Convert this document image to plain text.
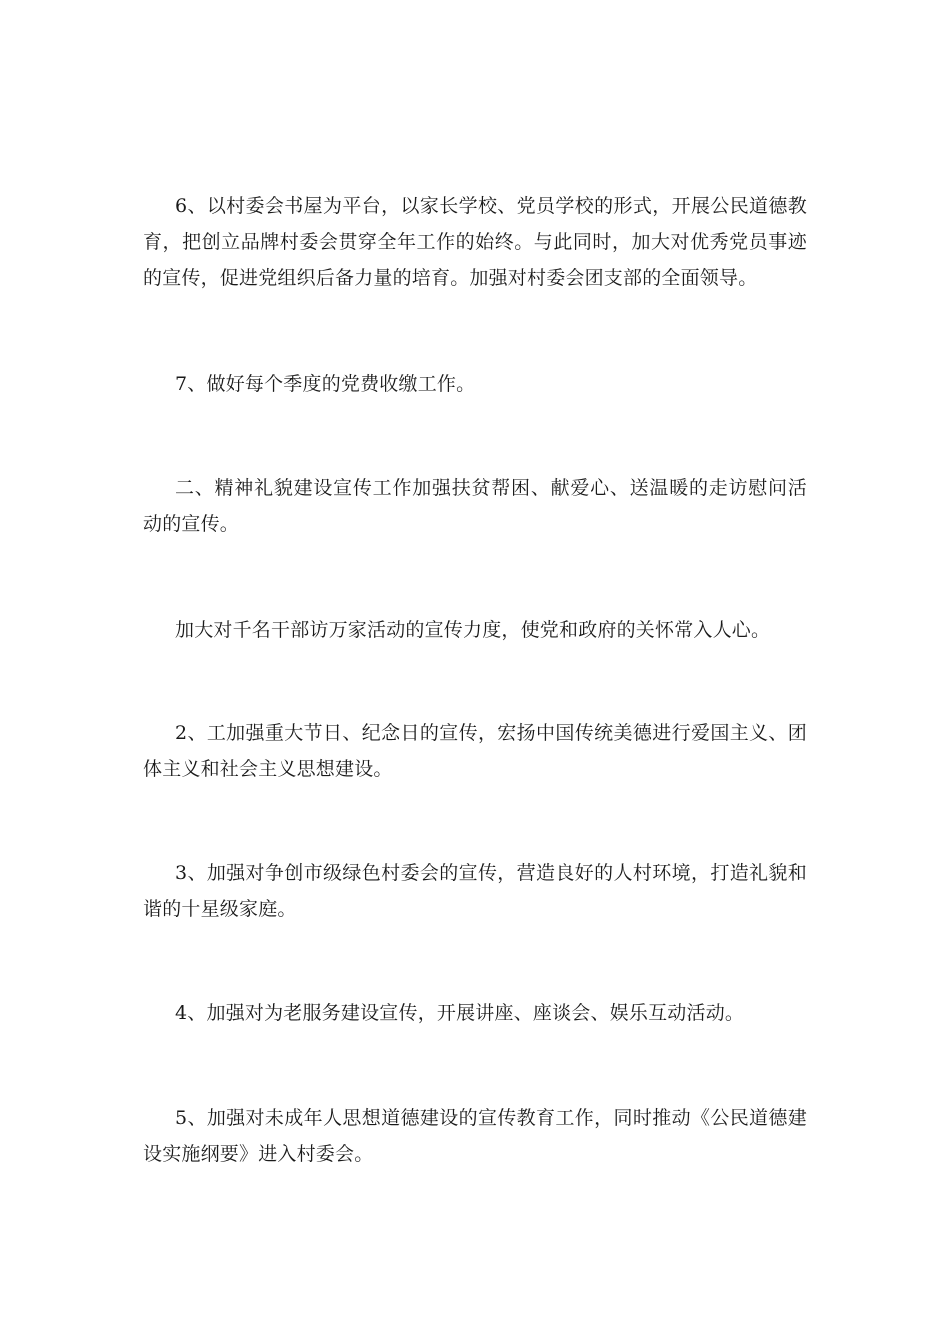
6、以村委会书屋为平台，以家长学校、党员学校的形式，开展公民道德教育，把创立品牌村委会贯穿全年工作的始终。与此同时，加大对优秀党员事迹的宣传，促进党组织后备力量的培育。加强对村委会团支部的全面领导。

7、做好每个季度的党费收缴工作。

二、精神礼貌建设宣传工作加强扶贫帮困、献爱心、送温暖的走访慰问活动的宣传。

加大对千名干部访万家活动的宣传力度，使党和政府的关怀常入人心。

2、工加强重大节日、纪念日的宣传，宏扬中国传统美德进行爱国主义、团体主义和社会主义思想建设。

3、加强对争创市级绿色村委会的宣传，营造良好的人村环境，打造礼貌和谐的十星级家庭。

4、加强对为老服务建设宣传，开展讲座、座谈会、娱乐互动活动。

5、加强对未成年人思想道德建设的宣传教育工作，同时推动《公民道德建设实施纲要》进入村委会。
